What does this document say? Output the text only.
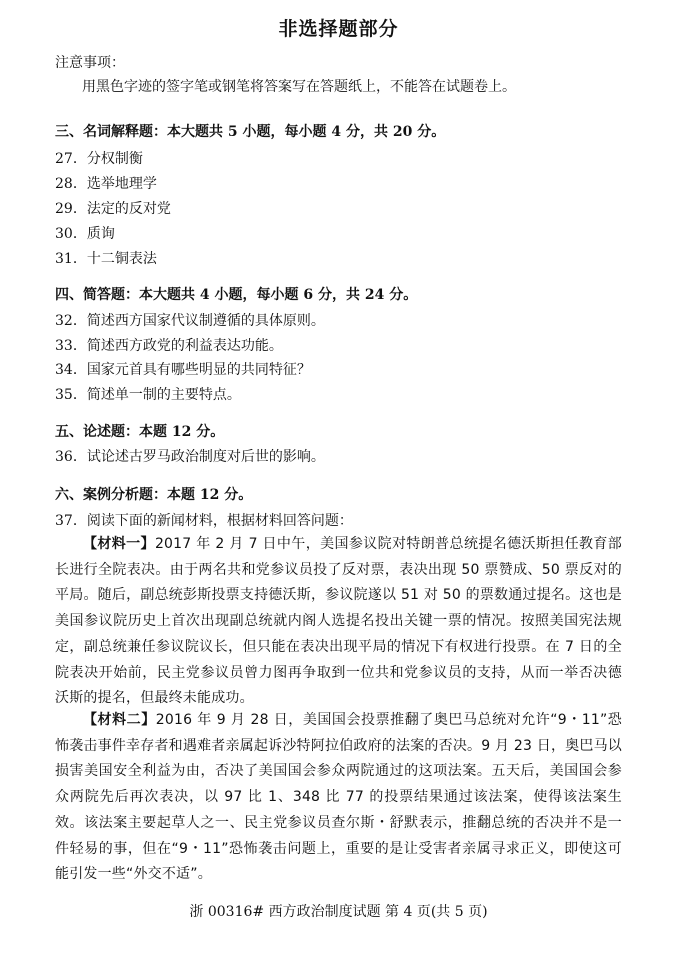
非选择题部分
注意事项：
用黑色字迹的签字笔或钢笔将答案写在答题纸上，不能答在试题卷上。
三、名词解释题：本大题共 5 小题，每小题 4 分，共 20 分。
27．分权制衡
28．选举地理学
29．法定的反对党
30．质询
31．十二铜表法
四、简答题：本大题共 4 小题，每小题 6 分，共 24 分。
32．简述西方国家代议制遵循的具体原则。
33．简述西方政党的利益表达功能。
34．国家元首具有哪些明显的共同特征？
35．简述单一制的主要特点。
五、论述题：本题 12 分。
36．试论述古罗马政治制度对后世的影响。
六、案例分析题：本题 12 分。
37．阅读下面的新闻材料，根据材料回答问题：
【材料一】2017 年 2 月 7 日中午，美国参议院对特朗普总统提名德沃斯担任教育部长进行全院表决。由于两名共和党参议员投了反对票，表决出现 50 票赞成、50 票反对的平局。随后，副总统彭斯投票支持德沃斯，参议院遂以 51 对 50 的票数通过提名。这也是美国参议院历史上首次出现副总统就内阁人选提名投出关键一票的情况。按照美国宪法规定，副总统兼任参议院议长，但只能在表决出现平局的情况下有权进行投票。在 7 日的全院表决开始前，民主党参议员曾力图再争取到一位共和党参议员的支持，从而一举否决德沃斯的提名，但最终未能成功。
【材料二】2016 年 9 月 28 日，美国国会投票推翻了奥巴马总统对允许“9・11”恐怖袭击事件幸存者和遇难者亲属起诉沙特阿拉伯政府的法案的否决。9 月 23 日，奥巴马以损害美国安全利益为由，否决了美国国会参众两院通过的这项法案。五天后，美国国会参众两院先后再次表决，以 97 比 1、348 比 77 的投票结果通过该法案，使得该法案生效。该法案主要起草人之一、民主党参议员查尔斯・舒默表示，推翻总统的否决并不是一件轻易的事，但在“9・11”恐怖袭击问题上，重要的是让受害者亲属寻求正义，即使这可能引发一些“外交不适”。
浙 00316# 西方政治制度试题 第 4 页(共 5 页)
